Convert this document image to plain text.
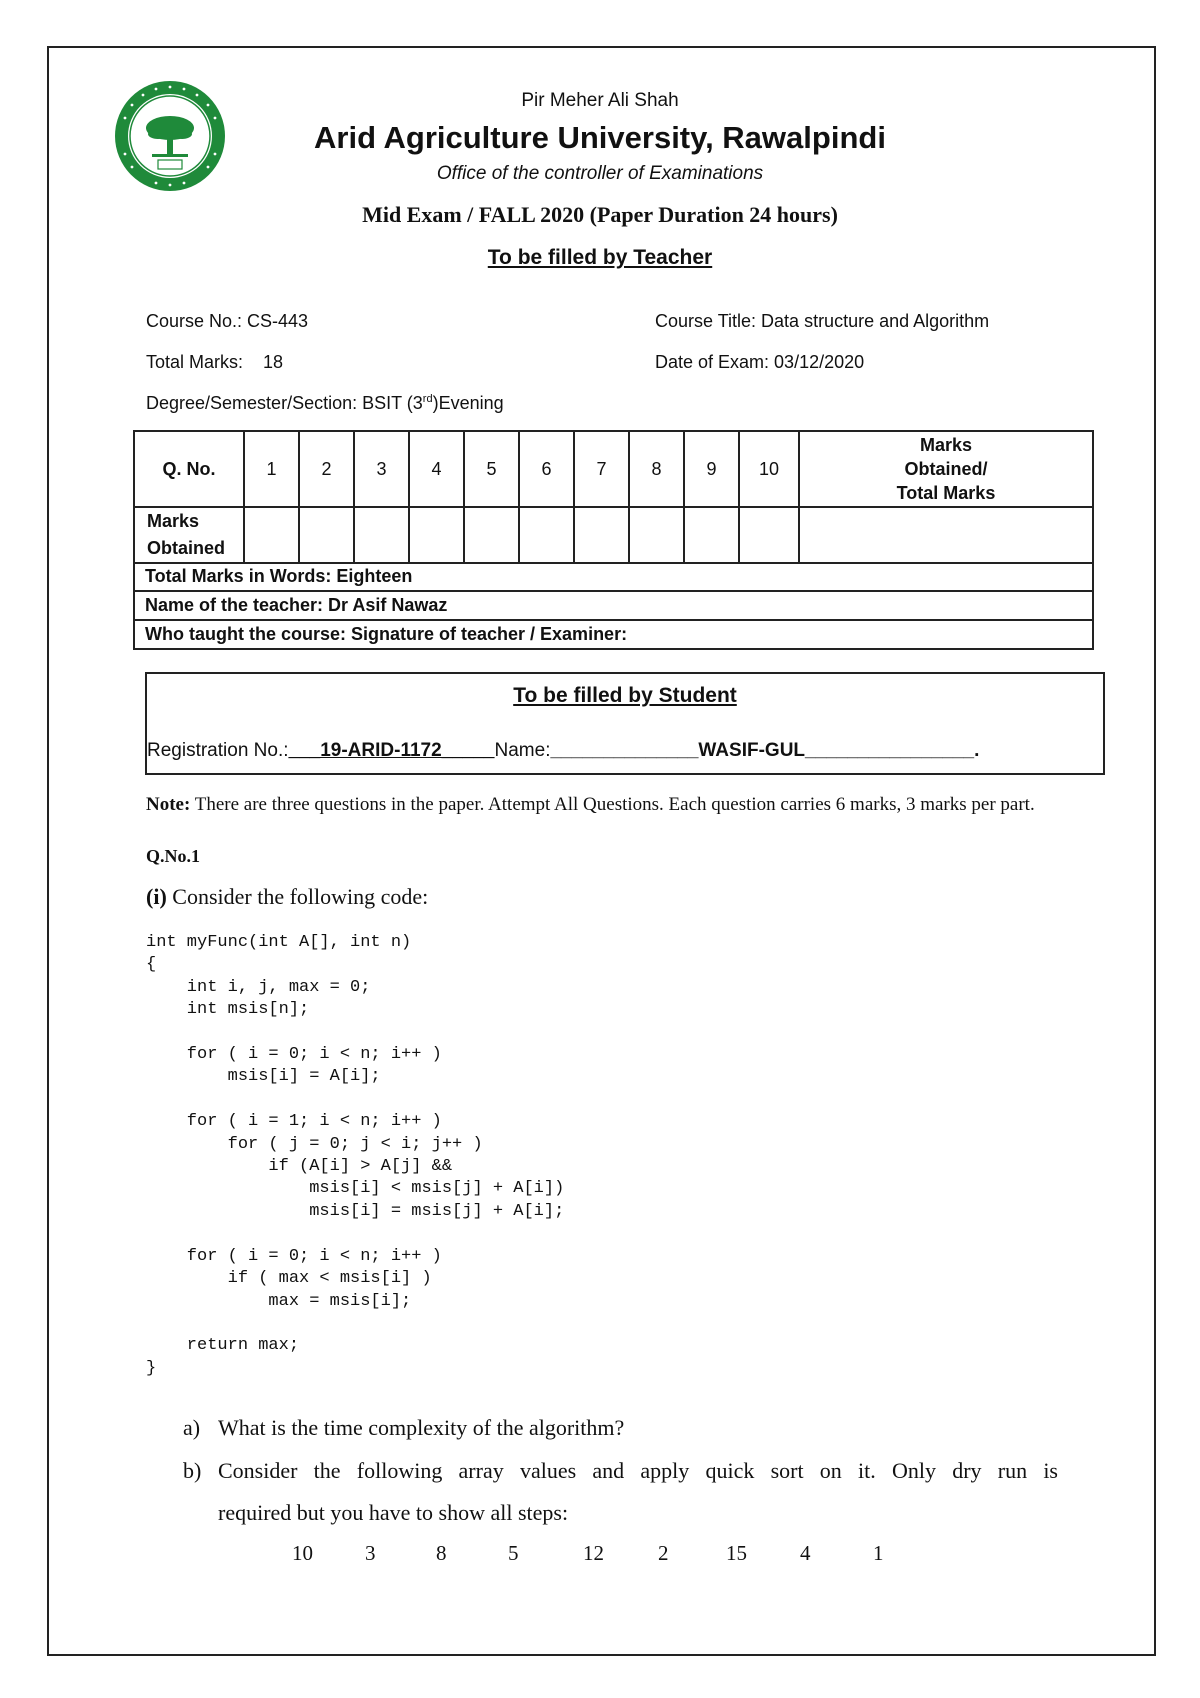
Pir Meher Ali Shah
Arid Agriculture University, Rawalpindi
Office of the controller of Examinations
Mid Exam / FALL 2020 (Paper Duration 24 hours)
To be filled by Teacher
Course No.: CS-443	Course Title: Data structure and Algorithm
Total Marks:    18	Date of Exam: 03/12/2020
Degree/Semester/Section: BSIT (3rd)Evening
Q. No.	1	2	3	4	5	6	7	8	9	10	Marks
Obtained/
Total Marks

Marks
Obtained											

Total Marks in Words: Eighteen
Name of the teacher: Dr Asif Nawaz
Who taught the course: Signature of teacher / Examiner:
To be filled by Student
Registration No.:___19-ARID-1172_____Name:______________WASIF-GUL________________.
Note: There are three questions in the paper. Attempt All Questions. Each question carries 6 marks, 3 marks per part.
Q.No.1
(i) Consider the following code:
int myFunc(int A[], int n)
{
int i, j, max = 0;
int msis[n];

for ( i = 0; i < n; i++ )
msis[i] = A[i];

for ( i = 1; i < n; i++ )
for ( j = 0; j < i; j++ )
if (A[i] > A[j] &&
msis[i] < msis[j] + A[i])
msis[i] = msis[j] + A[i];

for ( i = 0; i < n; i++ )
if ( max < msis[i] )
max = msis[i];

return max;
}
a) What is the time complexity of the algorithm?
b) Consider the following array values and apply quick sort on it. Only dry run is
required but you have to show all steps:
10 3	8	5	12	2	15	4	1
